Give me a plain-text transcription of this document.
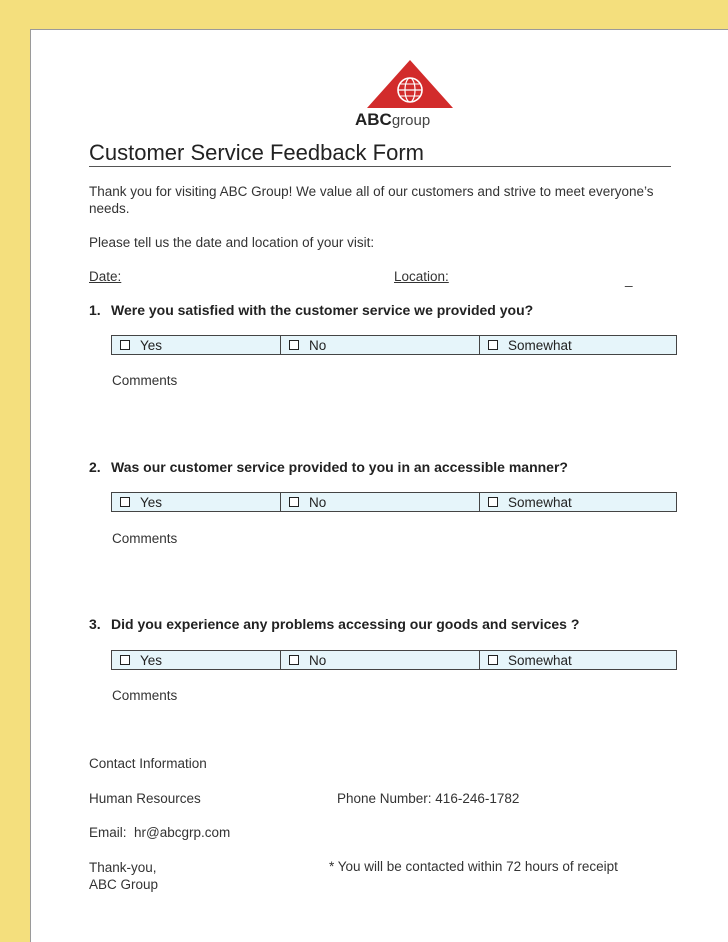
ABCgroup
Customer Service Feedback Form
Thank you for visiting ABC Group! We value all of our customers and strive to meet everyone’s needs.
Please tell us the date and location of your visit:
Date:	Location:	_
1. Were you satisfied with the customer service we provided you?
Yes	No	Somewhat
Comments
2. Was our customer service provided to you in an accessible manner?
Yes	No	Somewhat
Comments
3. Did you experience any problems accessing our goods and services ?
Yes	No	Somewhat
Comments
Contact Information
Human Resources	Phone Number: 416-246-1782
Email: hr@abcgrp.com
Thank-you,
ABC Group
* You will be contacted within 72 hours of receipt
